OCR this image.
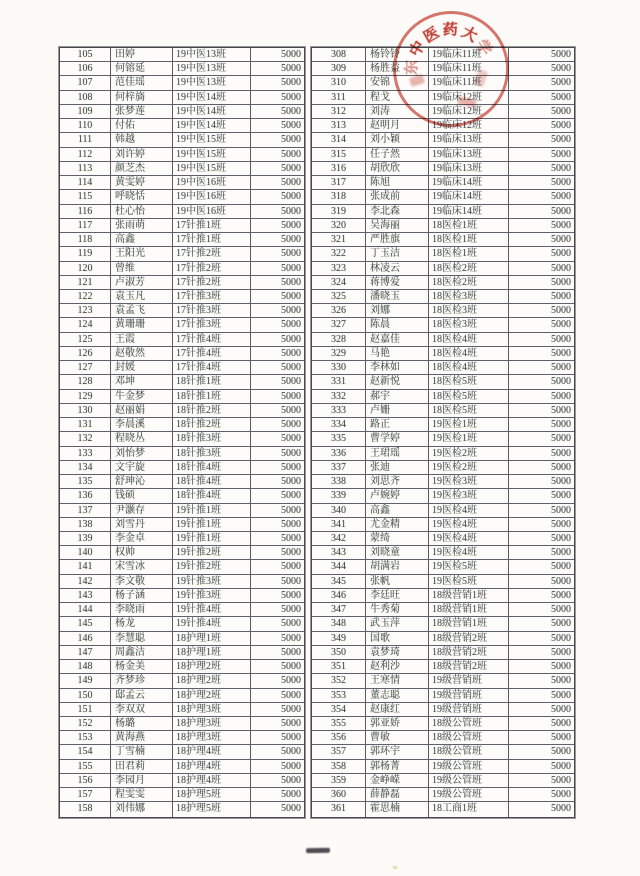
105	田婷	19中医13班	5000
106	何镕延	19中医13班	5000
107	范佳瑶	19中医13班	5000
108	何梓旖	19中医14班	5000
109	张梦莲	19中医14班	5000
110	付佑	19中医14班	5000
111	韩越	19中医15班	5000
112	刘许婷	19中医15班	5000
113	颜芝杰	19中医15班	5000
114	黄雯婷	19中医16班	5000
115	呼晓恬	19中医16班	5000
116	杜心怡	19中医16班	5000
117	张雨萌	17针推1班	5000
118	高鑫	17针推1班	5000
119	王阳光	17针推2班	5000
120	曾维	17针推2班	5000
121	卢淑芳	17针推2班	5000
122	袁玉凡	17针推3班	5000
123	袁孟飞	17针推3班	5000
124	黄珊珊	17针推3班	5000
125	王霞	17针推4班	5000
126	赵敬然	17针推4班	5000
127	封媛	17针推4班	5000
128	邓坤	18针推1班	5000
129	牛金梦	18针推1班	5000
130	赵丽娟	18针推2班	5000
131	李晨溪	18针推2班	5000
132	程晓丛	18针推3班	5000
133	刘怡梦	18针推3班	5000
134	文宇旋	18针推4班	5000
135	舒珅沁	18针推4班	5000
136	钱硕	18针推4班	5000
137	尹灏存	19针推1班	5000
138	刘雪丹	19针推1班	5000
139	李金卓	19针推1班	5000
140	权帅	19针推2班	5000
141	宋雪冰	19针推2班	5000
142	李文敬	19针推3班	5000
143	杨子涵	19针推3班	5000
144	李晓雨	19针推4班	5000
145	杨龙	19针推4班	5000
146	李慧聪	18护理1班	5000
147	周鑫洁	18护理1班	5000
148	杨金美	18护理2班	5000
149	齐梦珍	18护理2班	5000
150	邸孟云	18护理2班	5000
151	李双双	18护理3班	5000
152	杨璐	18护理3班	5000
153	黄海燕	18护理3班	5000
154	丁雪楠	18护理4班	5000
155	田君莉	18护理4班	5000
156	李园月	18护理4班	5000
157	程雯雯	18护理5班	5000
158	刘伟娜	18护理5班	5000
308	杨铃铃	19临床11班	5000
309	杨胜益	19临床11班	5000
310	安锦	19临床11班	5000
311	程戈	19临床12班	5000
312	刘涛	19临床12班	5000
313	赵明月	19临床12班	5000
314	刘小颖	19临床13班	5000
315	任子然	19临床13班	5000
316	胡欣欣	19临床13班	5000
317	陈旭	19临床14班	5000
318	张成前	19临床14班	5000
319	李北森	19临床14班	5000
320	吴海丽	18医检1班	5000
321	严胜旗	18医检1班	5000
322	丁玉洁	18医检1班	5000
323	林凌云	18医检2班	5000
324	蒋博爱	18医检2班	5000
325	潘晓玉	18医检3班	5000
326	刘娜	18医检3班	5000
327	陈晨	18医检3班	5000
328	赵嘉佳	18医检4班	5000
329	马艳	18医检4班	5000
330	李林如	18医检4班	5000
331	赵新悦	18医检5班	5000
332	郝宇	18医检5班	5000
333	卢姗	18医检5班	5000
334	路正	19医检1班	5000
335	曹学婷	19医检1班	5000
336	王珺瑶	19医检2班	5000
337	张迪	19医检2班	5000
338	刘思齐	19医检3班	5000
339	卢婉婷	19医检3班	5000
340	高鑫	19医检4班	5000
341	尤金精	19医检4班	5000
342	蒙绮	19医检4班	5000
343	刘晓童	19医检4班	5000
344	胡满岩	19医检5班	5000
345	张帆	19医检5班	5000
346	李廷旺	18级营销1班	5000
347	牛秀菊	18级营销1班	5000
348	武玉萍	18级营销1班	5000
349	国歌	18级营销2班	5000
350	袁梦琦	18级营销2班	5000
351	赵利沙	18级营销2班	5000
352	王寒情	19级营销班	5000
353	董志聪	19级营销班	5000
354	赵康红	19级营销班	5000
355	郭亚娇	18级公管班	5000
356	曹敏	18级公管班	5000
357	郭环宇	18级公管班	5000
358	郭杨菁	19级公管班	5000
359	金峥嵘	19级公管班	5000
360	薛静磊	19级公管班	5000
361	霍思楠	18工商1班	5000
东
中
医 药 大
学
